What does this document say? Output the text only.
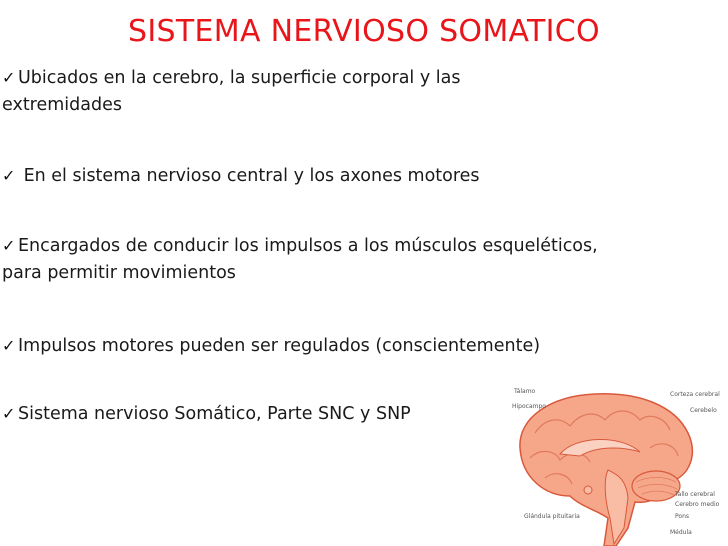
SISTEMA NERVIOSO SOMATICO
✓ Ubicados en la cerebro, la superficie corporal y las extremidades
✓ En el sistema nervioso central y los axones motores
✓ Encargados de conducir los impulsos a los músculos esqueléticos, para permitir movimientos
✓ Impulsos motores pueden ser regulados (conscientemente)
✓ Sistema nervioso Somático, Parte SNC y SNP
Tálamo
Hipocampo
Corteza cerebral
Cerebelo
Tallo cerebral
Cerebro medio
Pons
Glándula pituitaria
Médula
